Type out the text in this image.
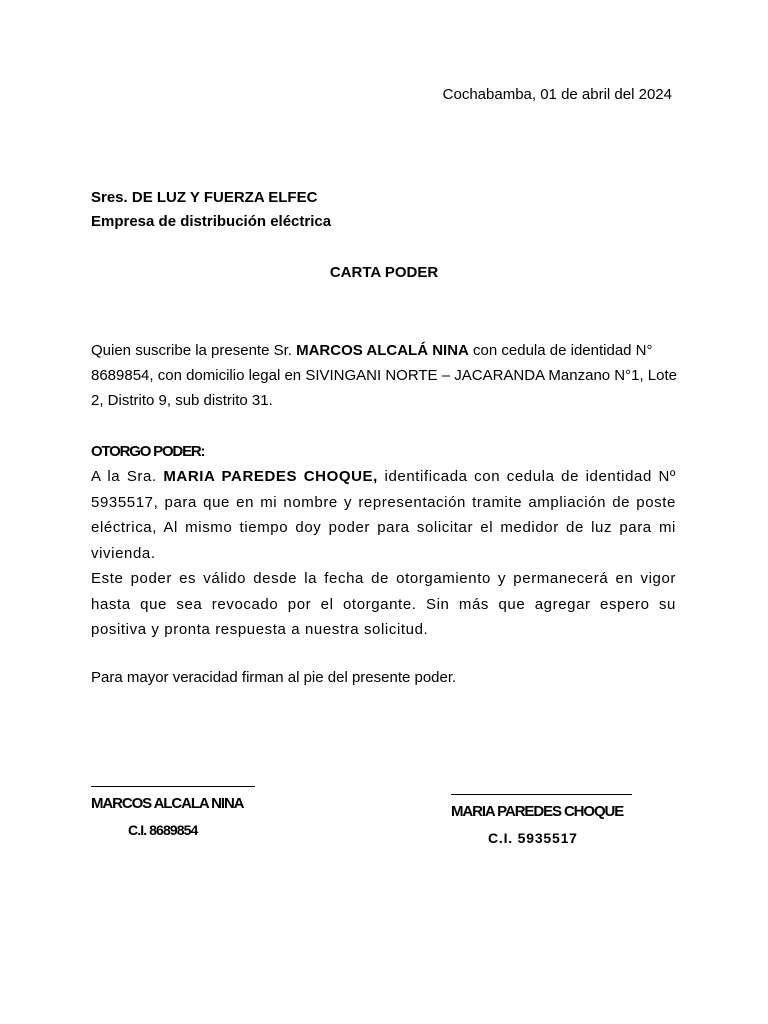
Cochabamba, 01 de abril del 2024
Sres. DE LUZ Y FUERZA ELFEC
Empresa de distribución eléctrica
CARTA PODER
Quien suscribe la presente Sr. MARCOS ALCALÁ NINA con cedula de identidad N° 8689854, con domicilio legal en SIVINGANI NORTE – JACARANDA Manzano N°1, Lote 2, Distrito 9, sub distrito 31.
OTORGO PODER:

A la Sra. MARIA PAREDES CHOQUE, identificada con cedula de identidad Nº 5935517, para que en mi nombre y representación tramite ampliación de poste eléctrica, Al mismo tiempo doy poder para solicitar el medidor de luz para mi vivienda.

Este poder es válido desde la fecha de otorgamiento y permanecerá en vigor hasta que sea revocado por el otorgante. Sin más que agregar espero su positiva y pronta respuesta a nuestra solicitud.

Para mayor veracidad firman al pie del presente poder.
MARCOS ALCALA NINA
C.I. 8689854
MARIA PAREDES CHOQUE
C.I. 5935517
